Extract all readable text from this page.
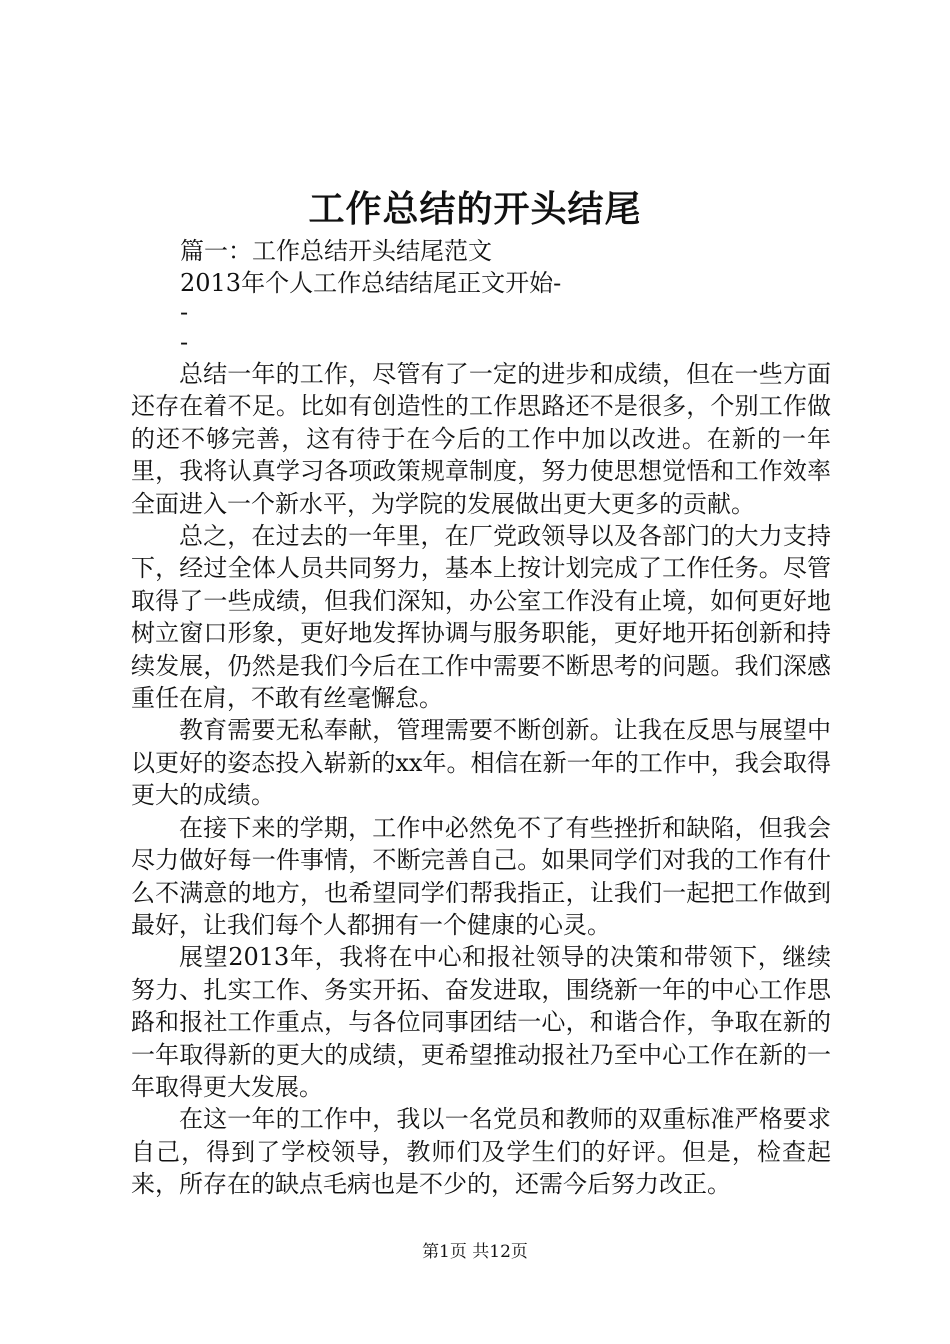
工作总结的开头结尾
篇一：工作总结开头结尾范文
2013年个人工作总结结尾正文开始-
-
-

总结一年的工作，尽管有了一定的进步和成绩，但在一些方面还存在着不足。比如有创造性的工作思路还不是很多，个别工作做的还不够完善，这有待于在今后的工作中加以改进。在新的一年里，我将认真学习各项政策规章制度，努力使思想觉悟和工作效率全面进入一个新水平，为学院的发展做出更大更多的贡献。

总之，在过去的一年里，在厂党政领导以及各部门的大力支持下，经过全体人员共同努力，基本上按计划完成了工作任务。尽管取得了一些成绩，但我们深知，办公室工作没有止境，如何更好地树立窗口形象，更好地发挥协调与服务职能，更好地开拓创新和持续发展，仍然是我们今后在工作中需要不断思考的问题。我们深感重任在肩，不敢有丝毫懈怠。

教育需要无私奉献，管理需要不断创新。让我在反思与展望中以更好的姿态投入崭新的xx年。相信在新一年的工作中，我会取得更大的成绩。

在接下来的学期，工作中必然免不了有些挫折和缺陷，但我会尽力做好每一件事情，不断完善自己。如果同学们对我的工作有什么不满意的地方，也希望同学们帮我指正，让我们一起把工作做到最好，让我们每个人都拥有一个健康的心灵。

展望2013年，我将在中心和报社领导的决策和带领下，继续努力、扎实工作、务实开拓、奋发进取，围绕新一年的中心工作思路和报社工作重点，与各位同事团结一心，和谐合作，争取在新的一年取得新的更大的成绩，更希望推动报社乃至中心工作在新的一年取得更大发展。

在这一年的工作中，我以一名党员和教师的双重标准严格要求自己，得到了学校领导，教师们及学生们的好评。但是，检查起来，所存在的缺点毛病也是不少的，还需今后努力改正。

第1页 共12页
